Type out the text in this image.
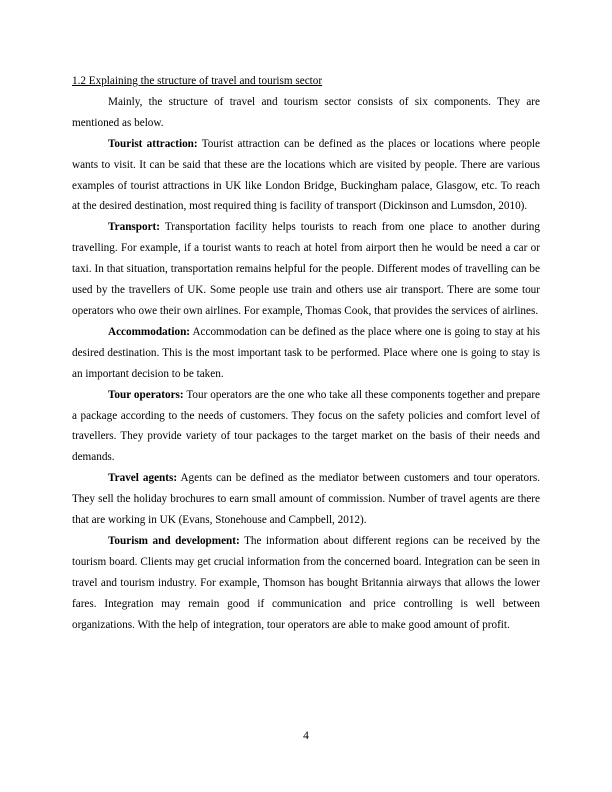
1.2 Explaining the structure of travel and tourism sector

Mainly, the structure of travel and tourism sector consists of six components. They are mentioned as below.

Tourist attraction: Tourist attraction can be defined as the places or locations where people wants to visit. It can be said that these are the locations which are visited by people. There are various examples of tourist attractions in UK like London Bridge, Buckingham palace, Glasgow, etc. To reach at the desired destination, most required thing is facility of transport (Dickinson and Lumsdon, 2010).

Transport: Transportation facility helps tourists to reach from one place to another during travelling. For example, if a tourist wants to reach at hotel from airport then he would be need a car or taxi. In that situation, transportation remains helpful for the people. Different modes of travelling can be used by the travellers of UK. Some people use train and others use air transport. There are some tour operators who owe their own airlines. For example, Thomas Cook, that provides the services of airlines.

Accommodation: Accommodation can be defined as the place where one is going to stay at his desired destination. This is the most important task to be performed. Place where one is going to stay is an important decision to be taken.

Tour operators: Tour operators are the one who take all these components together and prepare a package according to the needs of customers. They focus on the safety policies and comfort level of travellers. They provide variety of tour packages to the target market on the basis of their needs and demands.

Travel agents: Agents can be defined as the mediator between customers and tour operators. They sell the holiday brochures to earn small amount of commission. Number of travel agents are there that are working in UK (Evans, Stonehouse and Campbell, 2012).

Tourism and development: The information about different regions can be received by the tourism board. Clients may get crucial information from the concerned board. Integration can be seen in travel and tourism industry. For example, Thomson has bought Britannia airways that allows the lower fares. Integration may remain good if communication and price controlling is well between organizations. With the help of integration, tour operators are able to make good amount of profit.

4
